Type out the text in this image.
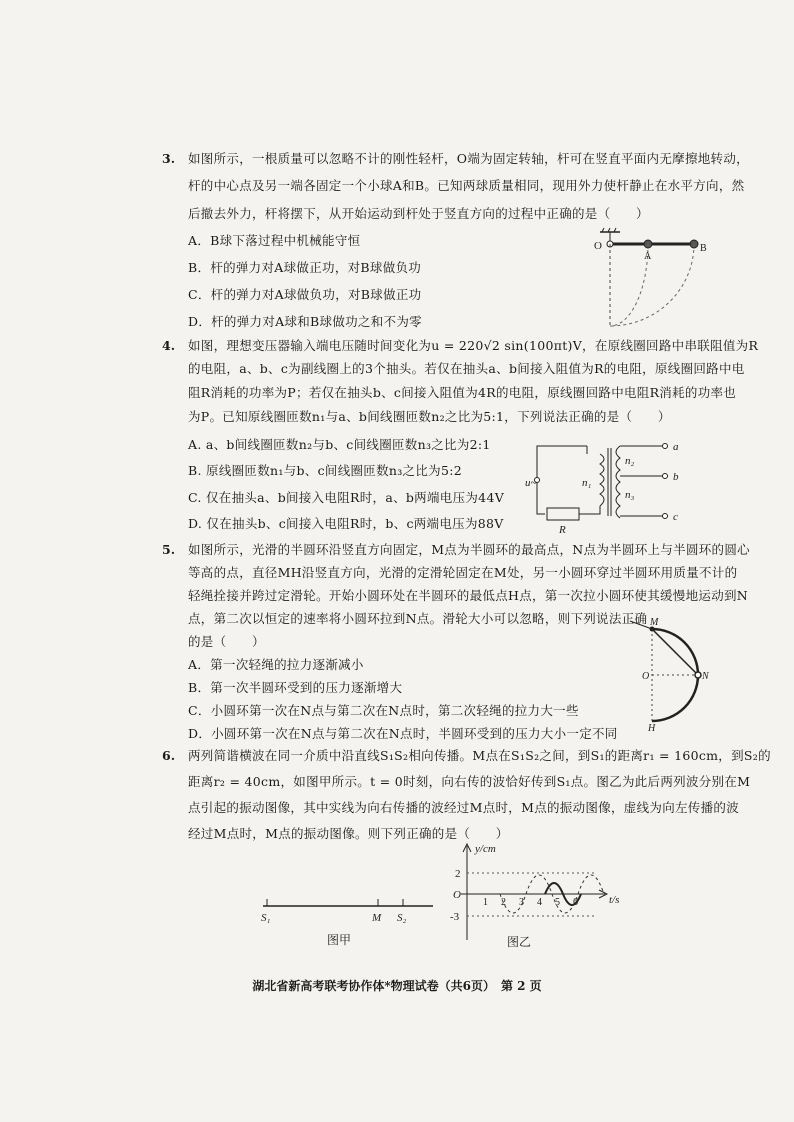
3. 如图所示，一根质量可以忽略不计的刚性轻杆，O端为固定转轴，杆可在竖直平面内无摩擦地转动，
杆的中心点及另一端各固定一个小球A和B。已知两球质量相同，现用外力使杆静止在水平方向，然
后撤去外力，杆将摆下，从开始运动到杆处于竖直方向的过程中正确的是（　　）
A．B球下落过程中机械能守恒
B．杆的弹力对A球做正功，对B球做负功
C．杆的弹力对A球做负功，对B球做正功
D．杆的弹力对A球和B球做功之和不为零
O
A
B
4. 如图，理想变压器输入端电压随时间变化为u = 220√2 sin(100πt)V，在原线圈回路中串联阻值为R
的电阻，a、b、c为副线圈上的3个抽头。若仅在抽头a、b间接入阻值为R的电阻，原线圈回路中电
阻R消耗的功率为P；若仅在抽头b、c间接入阻值为4R的电阻，原线圈回路中电阻R消耗的功率也
为P。已知原线圈匝数n₁与a、b间线圈匝数n₂之比为5:1，下列说法正确的是（　　）
A. a、b间线圈匝数n₂与b、c间线圈匝数n₃之比为2:1
B. 原线圈匝数n₁与b、c间线圈匝数n₃之比为5:2
C. 仅在抽头a、b间接入电阻R时，a、b两端电压为44V
D. 仅在抽头b、c间接入电阻R时，b、c两端电压为88V
u~	n₁
n₂
n₃
R
a
b
c
5. 如图所示，光滑的半圆环沿竖直方向固定，M点为半圆环的最高点，N点为半圆环上与半圆环的圆心
等高的点，直径MH沿竖直方向，光滑的定滑轮固定在M处，另一小圆环穿过半圆环用质量不计的
轻绳拴接并跨过定滑轮。开始小圆环处在半圆环的最低点H点，第一次拉小圆环使其缓慢地运动到N
点，第二次以恒定的速率将小圆环拉到N点。滑轮大小可以忽略，则下列说法正确
的是（　　）
A．第一次轻绳的拉力逐渐减小
B．第一次半圆环受到的压力逐渐增大
C．小圆环第一次在N点与第二次在N点时，第二次轻绳的拉力大一些
D．小圆环第一次在N点与第二次在N点时，半圆环受到的压力大小一定不同
M
N
O
H
6. 两列简谐横波在同一介质中沿直线S₁S₂相向传播。M点在S₁S₂之间，到S₁的距离r₁ = 160cm，到S₂的
距离r₂ = 40cm，如图甲所示。t = 0时刻，向右传的波恰好传到S₁点。图乙为此后两列波分别在M
点引起的振动图像，其中实线为向右传播的波经过M点时，M点的振动图像，虚线为向左传播的波
经过M点时，M点的振动图像。则下列正确的是（　　）
S₁	M S₂
图甲
y/cm
t/s
O
2
-3
1 2 3 4 5 6
图乙
湖北省新高考联考协作体*物理试卷（共6页）　第 2 页
